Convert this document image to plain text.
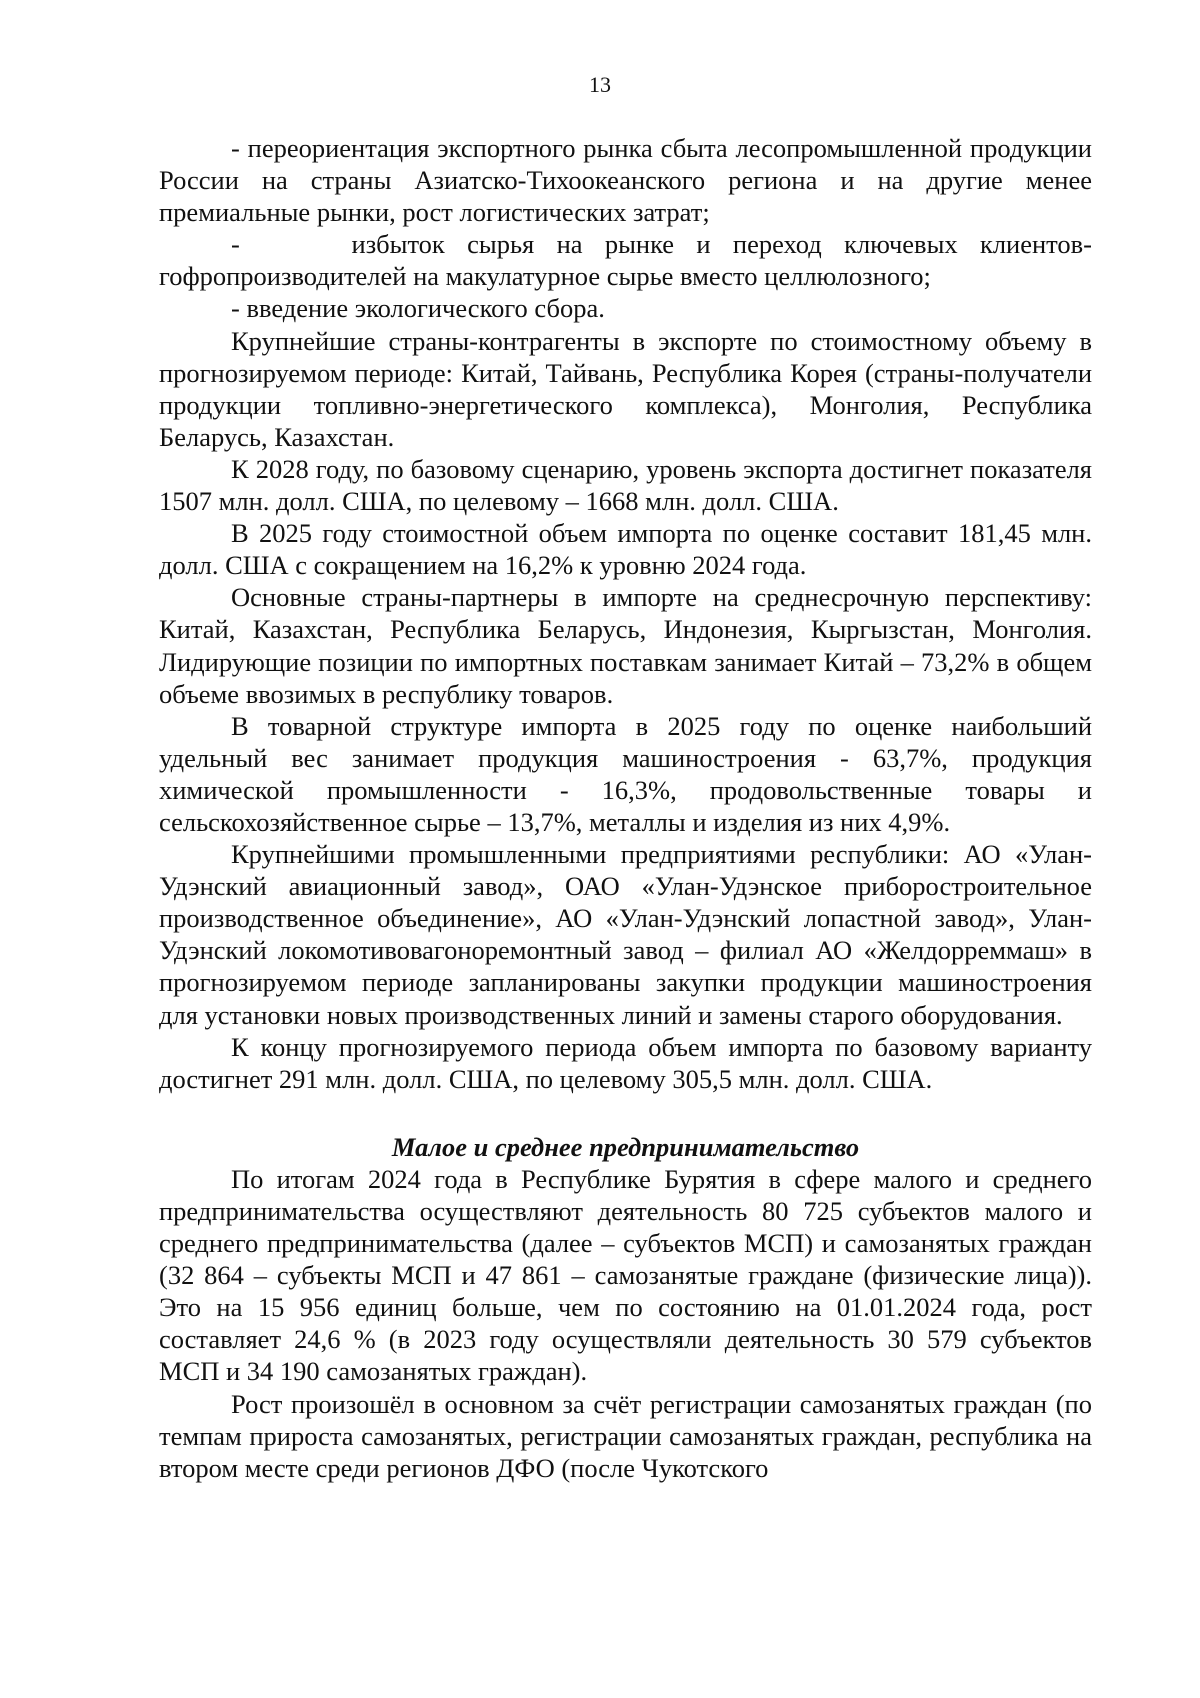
13

- переориентация экспортного рынка сбыта лесопромышленной продукции России на страны Азиатско-Тихоокеанского региона и на другие менее премиальные рынки, рост логистических затрат;

-     избыток сырья на рынке и переход ключевых клиентов-гофропроизводителей на макулатурное сырье вместо целлюлозного;

- введение экологического сбора.

Крупнейшие страны-контрагенты в экспорте по стоимостному объему в прогнозируемом периоде: Китай, Тайвань, Республика Корея (страны-получатели продукции топливно-энергетического комплекса), Монголия, Республика Беларусь, Казахстан.

К 2028 году, по базовому сценарию, уровень экспорта достигнет показателя 1507 млн. долл. США, по целевому – 1668 млн. долл. США.

В 2025 году стоимостной объем импорта по оценке составит 181,45 млн. долл. США с сокращением на 16,2% к уровню 2024 года.

Основные страны-партнеры в импорте на среднесрочную перспективу: Китай, Казахстан, Республика Беларусь, Индонезия, Кыргызстан, Монголия. Лидирующие позиции по импортных поставкам занимает Китай – 73,2% в общем объеме ввозимых в республику товаров.

В товарной структуре импорта в 2025 году по оценке наибольший удельный вес занимает продукция машиностроения - 63,7%, продукция химической промышленности - 16,3%, продовольственные товары и сельскохозяйственное сырье – 13,7%, металлы и изделия из них 4,9%.

Крупнейшими промышленными предприятиями республики: АО «Улан-Удэнский авиационный завод», ОАО «Улан-Удэнское приборостроительное производственное объединение», АО «Улан-Удэнский лопастной завод», Улан-Удэнский локомотивовагоноремонтный завод – филиал АО «Желдорреммаш» в прогнозируемом периоде запланированы закупки продукции машиностроения для установки новых производственных линий и замены старого оборудования.

К концу прогнозируемого периода объем импорта по базовому варианту достигнет 291 млн. долл. США, по целевому 305,5 млн. долл. США.

Малое и среднее предпринимательство

По итогам 2024 года в Республике Бурятия в сфере малого и среднего предпринимательства осуществляют деятельность 80 725 субъектов малого и среднего предпринимательства (далее – субъектов МСП) и самозанятых граждан (32 864 – субъекты МСП и 47 861 – самозанятые граждане (физические лица)). Это на 15 956 единиц больше, чем по состоянию на 01.01.2024 года, рост составляет 24,6 % (в 2023 году осуществляли деятельность 30 579 субъектов МСП и 34 190 самозанятых граждан).

Рост произошёл в основном за счёт регистрации самозанятых граждан (по темпам прироста самозанятых, регистрации самозанятых граждан, республика на втором месте среди регионов ДФО (после Чукотского
